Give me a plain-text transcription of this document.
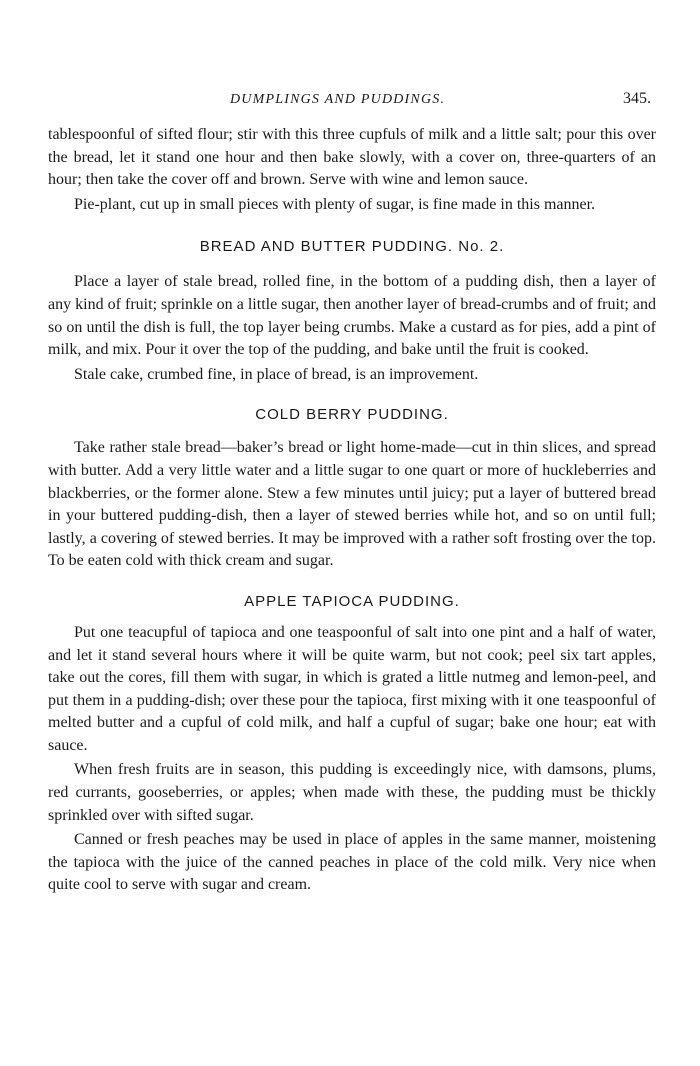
DUMPLINGS AND PUDDINGS.	345.

tablespoonful of sifted flour; stir with this three cupfuls of milk and a little salt; pour this over the bread, let it stand one hour and then bake slowly, with a cover on, three-quarters of an hour; then take the cover off and brown. Serve with wine and lemon sauce.

Pie-plant, cut up in small pieces with plenty of sugar, is fine made in this manner.

BREAD AND BUTTER PUDDING. No. 2.

Place a layer of stale bread, rolled fine, in the bottom of a pudding dish, then a layer of any kind of fruit; sprinkle on a little sugar, then another layer of bread-crumbs and of fruit; and so on until the dish is full, the top layer being crumbs. Make a custard as for pies, add a pint of milk, and mix. Pour it over the top of the pudding, and bake until the fruit is cooked.

Stale cake, crumbed fine, in place of bread, is an improvement.

COLD BERRY PUDDING.

Take rather stale bread—baker’s bread or light home-made—cut in thin slices, and spread with butter. Add a very little water and a little sugar to one quart or more of huckleberries and blackberries, or the former alone. Stew a few minutes until juicy; put a layer of buttered bread in your buttered pudding-dish, then a layer of stewed berries while hot, and so on until full; lastly, a covering of stewed berries. It may be improved with a rather soft frosting over the top. To be eaten cold with thick cream and sugar.

APPLE TAPIOCA PUDDING.

Put one teacupful of tapioca and one teaspoonful of salt into one pint and a half of water, and let it stand several hours where it will be quite warm, but not cook; peel six tart apples, take out the cores, fill them with sugar, in which is grated a little nutmeg and lemon-peel, and put them in a pudding-dish; over these pour the tapioca, first mixing with it one teaspoonful of melted butter and a cupful of cold milk, and half a cupful of sugar; bake one hour; eat with sauce.

When fresh fruits are in season, this pudding is exceedingly nice, with damsons, plums, red currants, gooseberries, or apples; when made with these, the pudding must be thickly sprinkled over with sifted sugar.

Canned or fresh peaches may be used in place of apples in the same manner, moistening the tapioca with the juice of the canned peaches in place of the cold milk. Very nice when quite cool to serve with sugar and cream.
